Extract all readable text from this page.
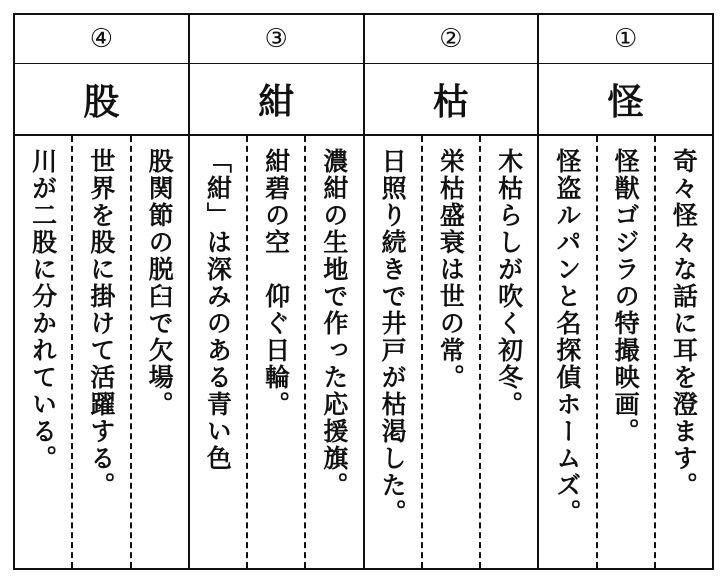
④
股
川が二股に分かれている。 世界を股に掛けて活躍する。 股関節の脱臼で欠場。
③
紺
「紺」は深みのある青い色 紺碧の空　仰ぐ日輪。 濃紺の生地で作った応援旗。
②
枯
日照り続きで井戸が枯渇した。 栄枯盛衰は世の常。 木枯らしが吹く初冬。
①
怪
怪盗ルパンと名探偵ホームズ。 怪獣ゴジラの特撮映画。 奇々怪々な話に耳を澄ます。
